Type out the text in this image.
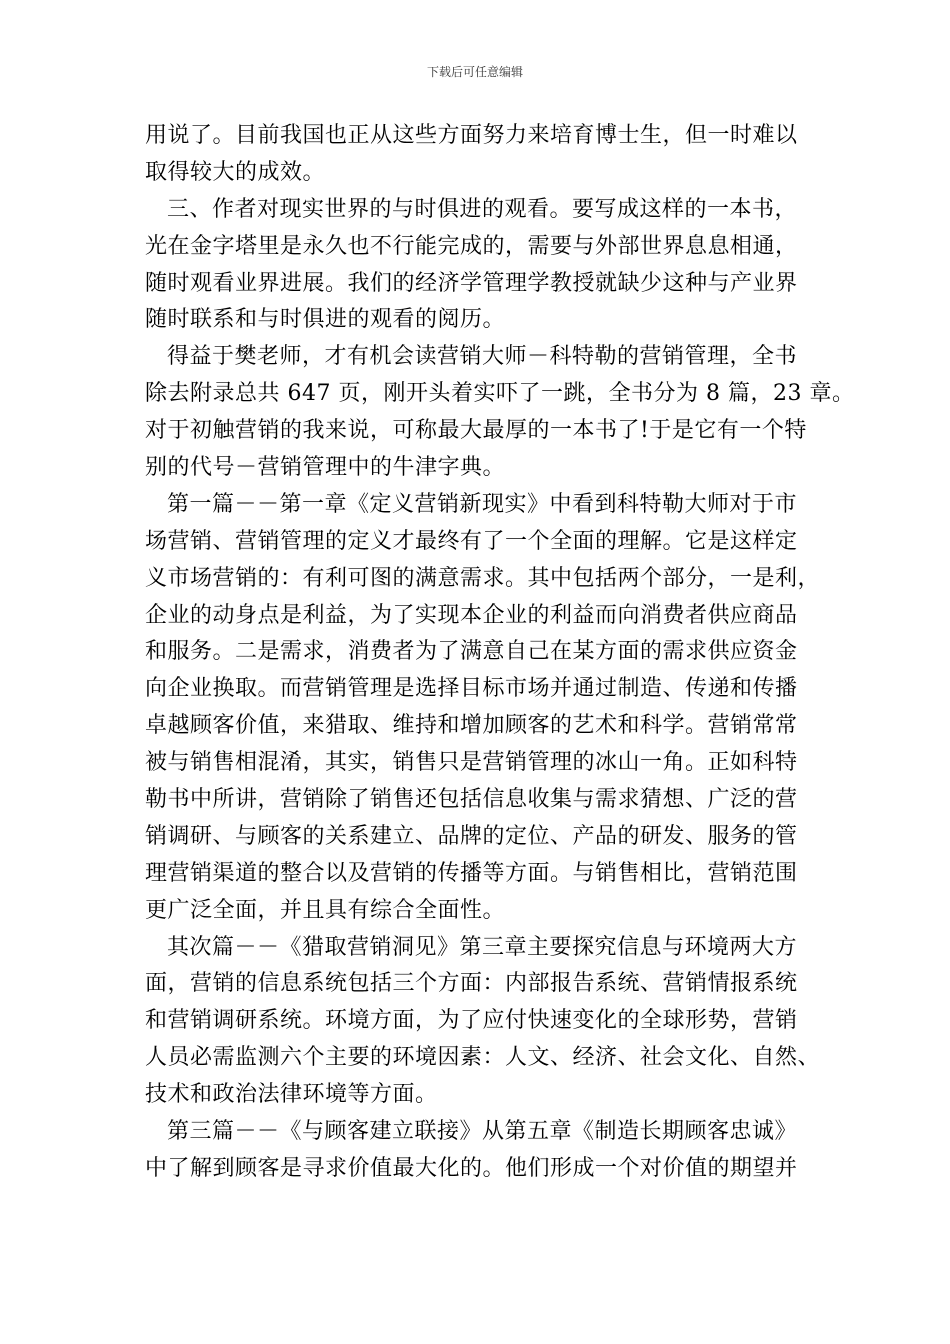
下载后可任意编辑
用说了。目前我国也正从这些方面努力来培育博士生，但一时难以
取得较大的成效。
三、作者对现实世界的与时俱进的观看。要写成这样的一本书，
光在金字塔里是永久也不行能完成的，需要与外部世界息息相通，
随时观看业界进展。我们的经济学管理学教授就缺少这种与产业界
随时联系和与时俱进的观看的阅历。
得益于樊老师，才有机会读营销大师－科特勒的营销管理，全书
除去附录总共 647 页，刚开头着实吓了一跳，全书分为 8 篇，23 章。
对于初触营销的我来说，可称最大最厚的一本书了!于是它有一个特
别的代号－营销管理中的牛津字典。
第一篇－－第一章《定义营销新现实》中看到科特勒大师对于市
场营销、营销管理的定义才最终有了一个全面的理解。它是这样定
义市场营销的：有利可图的满意需求。其中包括两个部分，一是利，
企业的动身点是利益，为了实现本企业的利益而向消费者供应商品
和服务。二是需求，消费者为了满意自己在某方面的需求供应资金
向企业换取。而营销管理是选择目标市场并通过制造、传递和传播
卓越顾客价值，来猎取、维持和增加顾客的艺术和科学。营销常常
被与销售相混淆，其实，销售只是营销管理的冰山一角。正如科特
勒书中所讲，营销除了销售还包括信息收集与需求猜想、广泛的营
销调研、与顾客的关系建立、品牌的定位、产品的研发、服务的管
理营销渠道的整合以及营销的传播等方面。与销售相比，营销范围
更广泛全面，并且具有综合全面性。
其次篇－－《猎取营销洞见》第三章主要探究信息与环境两大方
面，营销的信息系统包括三个方面：内部报告系统、营销情报系统
和营销调研系统。环境方面，为了应付快速变化的全球形势，营销
人员必需监测六个主要的环境因素：人文、经济、社会文化、自然、
技术和政治法律环境等方面。
第三篇－－《与顾客建立联接》从第五章《制造长期顾客忠诚》
中了解到顾客是寻求价值最大化的。他们形成一个对价值的期望并
